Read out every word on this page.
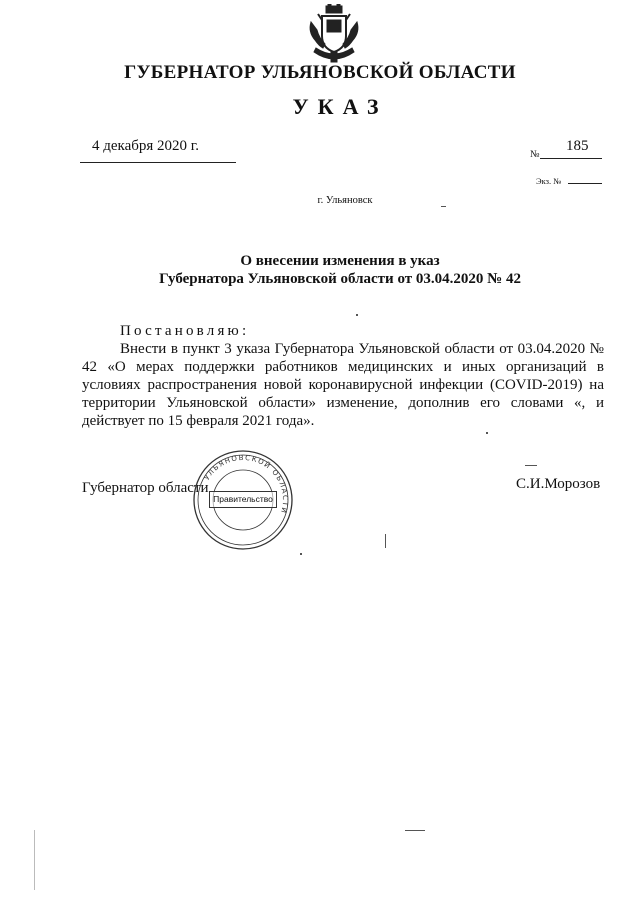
ГУБЕРНАТОР УЛЬЯНОВСКОЙ ОБЛАСТИ
УКАЗ
4 декабря 2020 г.
№
185
Экз. №
г. Ульяновск
О внесении изменения в указ
Губернатора Ульяновской области от 03.04.2020 № 42
Постановляю:

Внести в пункт 3 указа Губернатора Ульяновской области от 03.04.2020 № 42 «О мерах поддержки работников медицинских и иных организаций в условиях распространения новой коронавирусной инфекции (COVID-2019) на территории Ульяновской области» изменение, дополнив его словами «, и действует по 15 февраля 2021 года».

Губернатор области	С.И.Морозов
УЛЬЯНОВСКОЙ ОБЛАСТИ
Правительство
